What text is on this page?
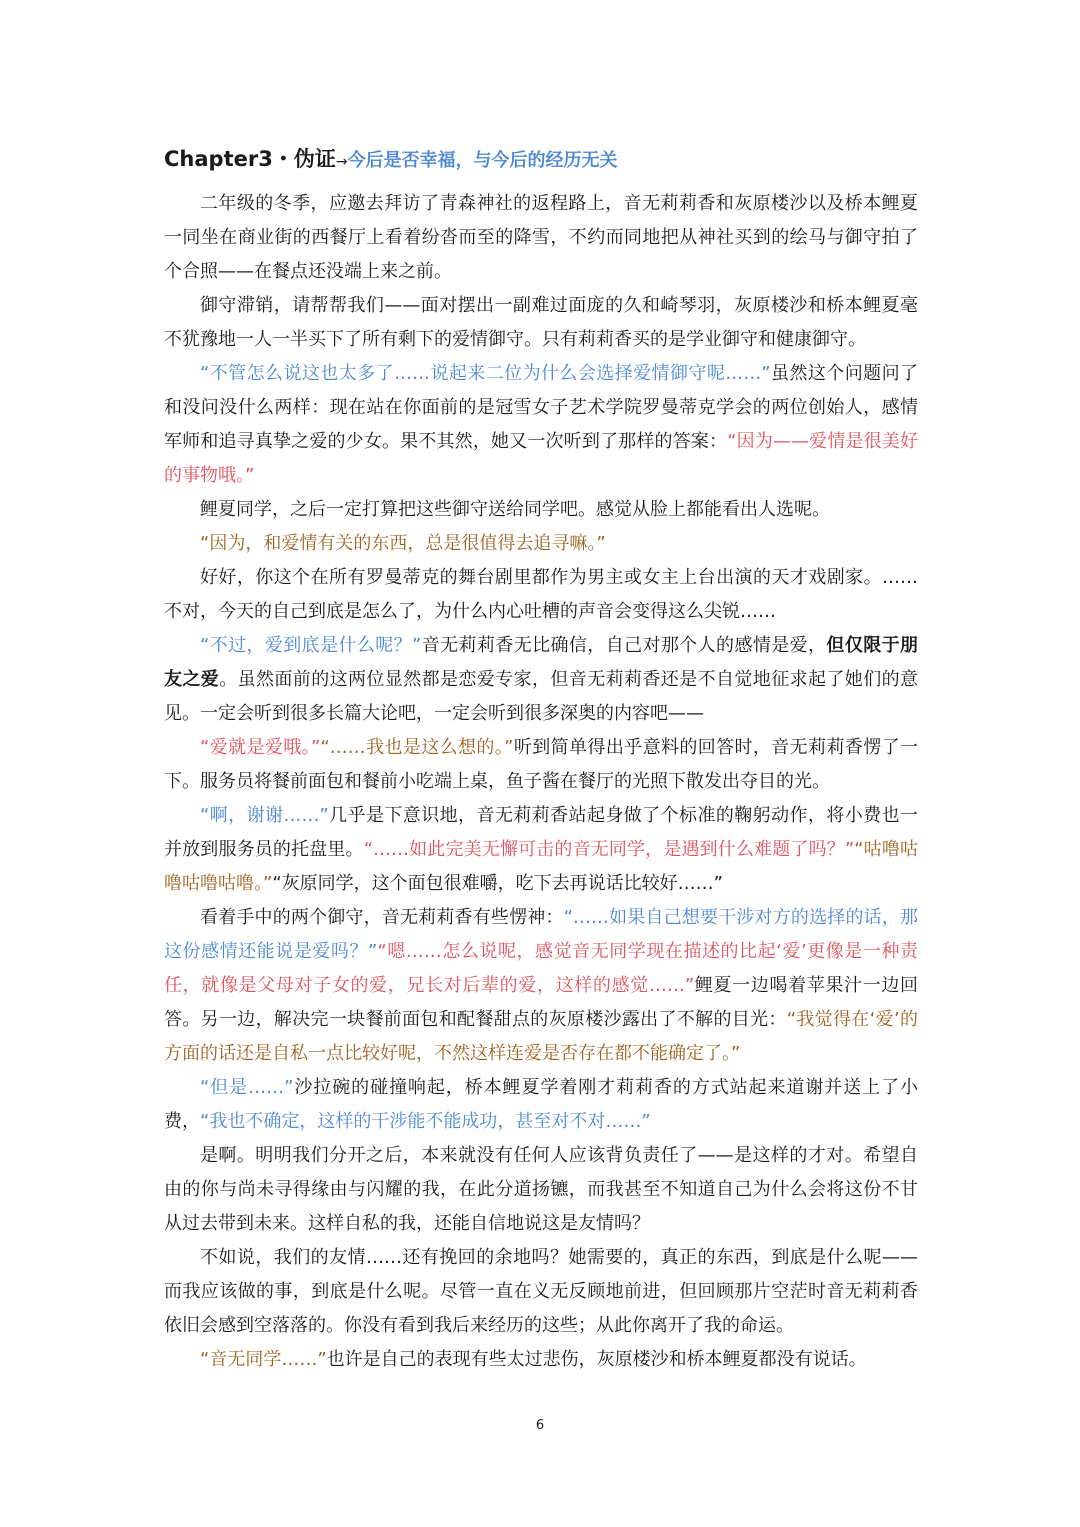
Chapter3・伪证→今后是否幸福，与今后的经历无关

二年级的冬季，应邀去拜访了青森神社的返程路上，音无莉莉香和灰原楼沙以及桥本鲤夏一同坐在商业街的西餐厅上看着纷沓而至的降雪，不约而同地把从神社买到的绘马与御守拍了个合照——在餐点还没端上来之前。

御守滞销，请帮帮我们——面对摆出一副难过面庞的久和崎琴羽，灰原楼沙和桥本鲤夏毫不犹豫地一人一半买下了所有剩下的爱情御守。只有莉莉香买的是学业御守和健康御守。

“不管怎么说这也太多了……说起来二位为什么会选择爱情御守呢……”虽然这个问题问了和没问没什么两样：现在站在你面前的是冠雪女子艺术学院罗曼蒂克学会的两位创始人，感情军师和追寻真挚之爱的少女。果不其然，她又一次听到了那样的答案：“因为——爱情是很美好的事物哦。”

鲤夏同学，之后一定打算把这些御守送给同学吧。感觉从脸上都能看出人选呢。

“因为，和爱情有关的东西，总是很值得去追寻嘛。”

好好，你这个在所有罗曼蒂克的舞台剧里都作为男主或女主上台出演的天才戏剧家。……不对，今天的自己到底是怎么了，为什么内心吐槽的声音会变得这么尖锐……

“不过，爱到底是什么呢？”音无莉莉香无比确信，自己对那个人的感情是爱，但仅限于朋友之爱。虽然面前的这两位显然都是恋爱专家，但音无莉莉香还是不自觉地征求起了她们的意见。一定会听到很多长篇大论吧，一定会听到很多深奥的内容吧——

“爱就是爱哦。”“……我也是这么想的。”听到简单得出乎意料的回答时，音无莉莉香愣了一下。服务员将餐前面包和餐前小吃端上桌，鱼子酱在餐厅的光照下散发出夺目的光。

“啊，谢谢……”几乎是下意识地，音无莉莉香站起身做了个标准的鞠躬动作，将小费也一并放到服务员的托盘里。“……如此完美无懈可击的音无同学，是遇到什么难题了吗？”“咕噜咕噜咕噜咕噜。”“灰原同学，这个面包很难嚼，吃下去再说话比较好……”

看着手中的两个御守，音无莉莉香有些愣神：“……如果自己想要干涉对方的选择的话，那这份感情还能说是爱吗？”“嗯……怎么说呢，感觉音无同学现在描述的比起‘爱’更像是一种责任，就像是父母对子女的爱，兄长对后辈的爱，这样的感觉……”鲤夏一边喝着苹果汁一边回答。另一边，解决完一块餐前面包和配餐甜点的灰原楼沙露出了不解的目光：“我觉得在‘爱’的方面的话还是自私一点比较好呢，不然这样连爱是否存在都不能确定了。”

“但是……”沙拉碗的碰撞响起，桥本鲤夏学着刚才莉莉香的方式站起来道谢并送上了小费，“我也不确定，这样的干涉能不能成功，甚至对不对……”

是啊。明明我们分开之后，本来就没有任何人应该背负责任了——是这样的才对。希望自由的你与尚未寻得缘由与闪耀的我，在此分道扬镳，而我甚至不知道自己为什么会将这份不甘从过去带到未来。这样自私的我，还能自信地说这是友情吗？

不如说，我们的友情……还有挽回的余地吗？她需要的，真正的东西，到底是什么呢——而我应该做的事，到底是什么呢。尽管一直在义无反顾地前进，但回顾那片空茫时音无莉莉香依旧会感到空落落的。你没有看到我后来经历的这些；从此你离开了我的命运。

“音无同学……”也许是自己的表现有些太过悲伤，灰原楼沙和桥本鲤夏都没有说话。

6
